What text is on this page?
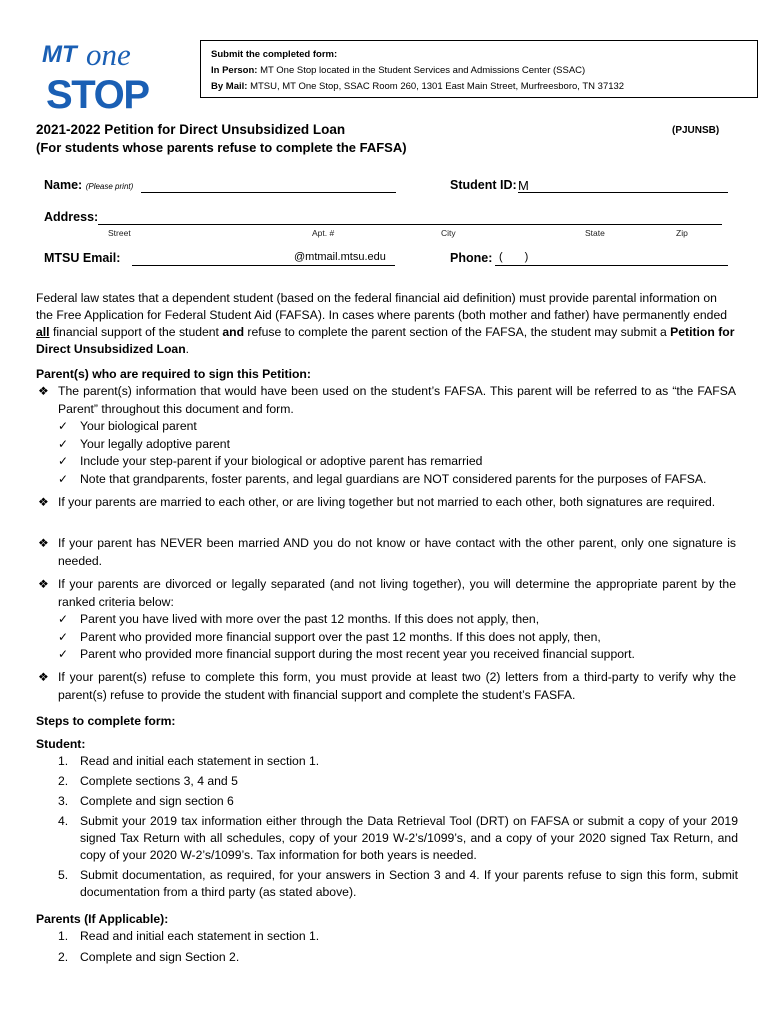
MT one
STOP
Submit the completed form:
In Person: MT One Stop located in the Student Services and Admissions Center (SSAC)
By Mail: MTSU, MT One Stop, SSAC Room 260, 1301 East Main Street, Murfreesboro, TN 37132
2021-2022 Petition for Direct Unsubsidized Loan
(For students whose parents refuse to complete the FAFSA)
(PJUNSB)
Name: (Please print)	Student ID: M
Address:
Street	Apt. #	City	State	Zip
MTSU Email:	@mtmail.mtsu.edu	Phone: ( )
Federal law states that a dependent student (based on the federal financial aid definition) must provide parental information on the Free Application for Federal Student Aid (FAFSA). In cases where parents (both mother and father) have permanently ended all financial support of the student and refuse to complete the parent section of the FAFSA, the student may submit a Petition for Direct Unsubsidized Loan.
Parent(s) who are required to sign this Petition:
❖ The parent(s) information that would have been used on the student’s FAFSA. This parent will be referred to as “the FAFSA Parent” throughout this document and form.
✓ Your biological parent
✓ Your legally adoptive parent
✓ Include your step-parent if your biological or adoptive parent has remarried
✓ Note that grandparents, foster parents, and legal guardians are NOT considered parents for the purposes of FAFSA.
❖ If your parents are married to each other, or are living together but not married to each other, both signatures are required.
❖ If your parent has NEVER been married AND you do not know or have contact with the other parent, only one signature is needed.
❖ If your parents are divorced or legally separated (and not living together), you will determine the appropriate parent by the ranked criteria below:
✓ Parent you have lived with more over the past 12 months. If this does not apply, then,
✓ Parent who provided more financial support over the past 12 months. If this does not apply, then,
✓ Parent who provided more financial support during the most recent year you received financial support.
❖ If your parent(s) refuse to complete this form, you must provide at least two (2) letters from a third-party to verify why the parent(s) refuse to provide the student with financial support and complete the student’s FASFA.
Steps to complete form:
Student:
1. Read and initial each statement in section 1.
2. Complete sections 3, 4 and 5
3. Complete and sign section 6
4. Submit your 2019 tax information either through the Data Retrieval Tool (DRT) on FAFSA or submit a copy of your 2019 signed Tax Return with all schedules, copy of your 2019 W-2’s/1099’s, and a copy of your 2020 signed Tax Return, and copy of your 2020 W-2’s/1099’s. Tax information for both years is needed.
5. Submit documentation, as required, for your answers in Section 3 and 4. If your parents refuse to sign this form, submit documentation from a third party (as stated above).
Parents (If Applicable):
1. Read and initial each statement in section 1.
2. Complete and sign Section 2.
